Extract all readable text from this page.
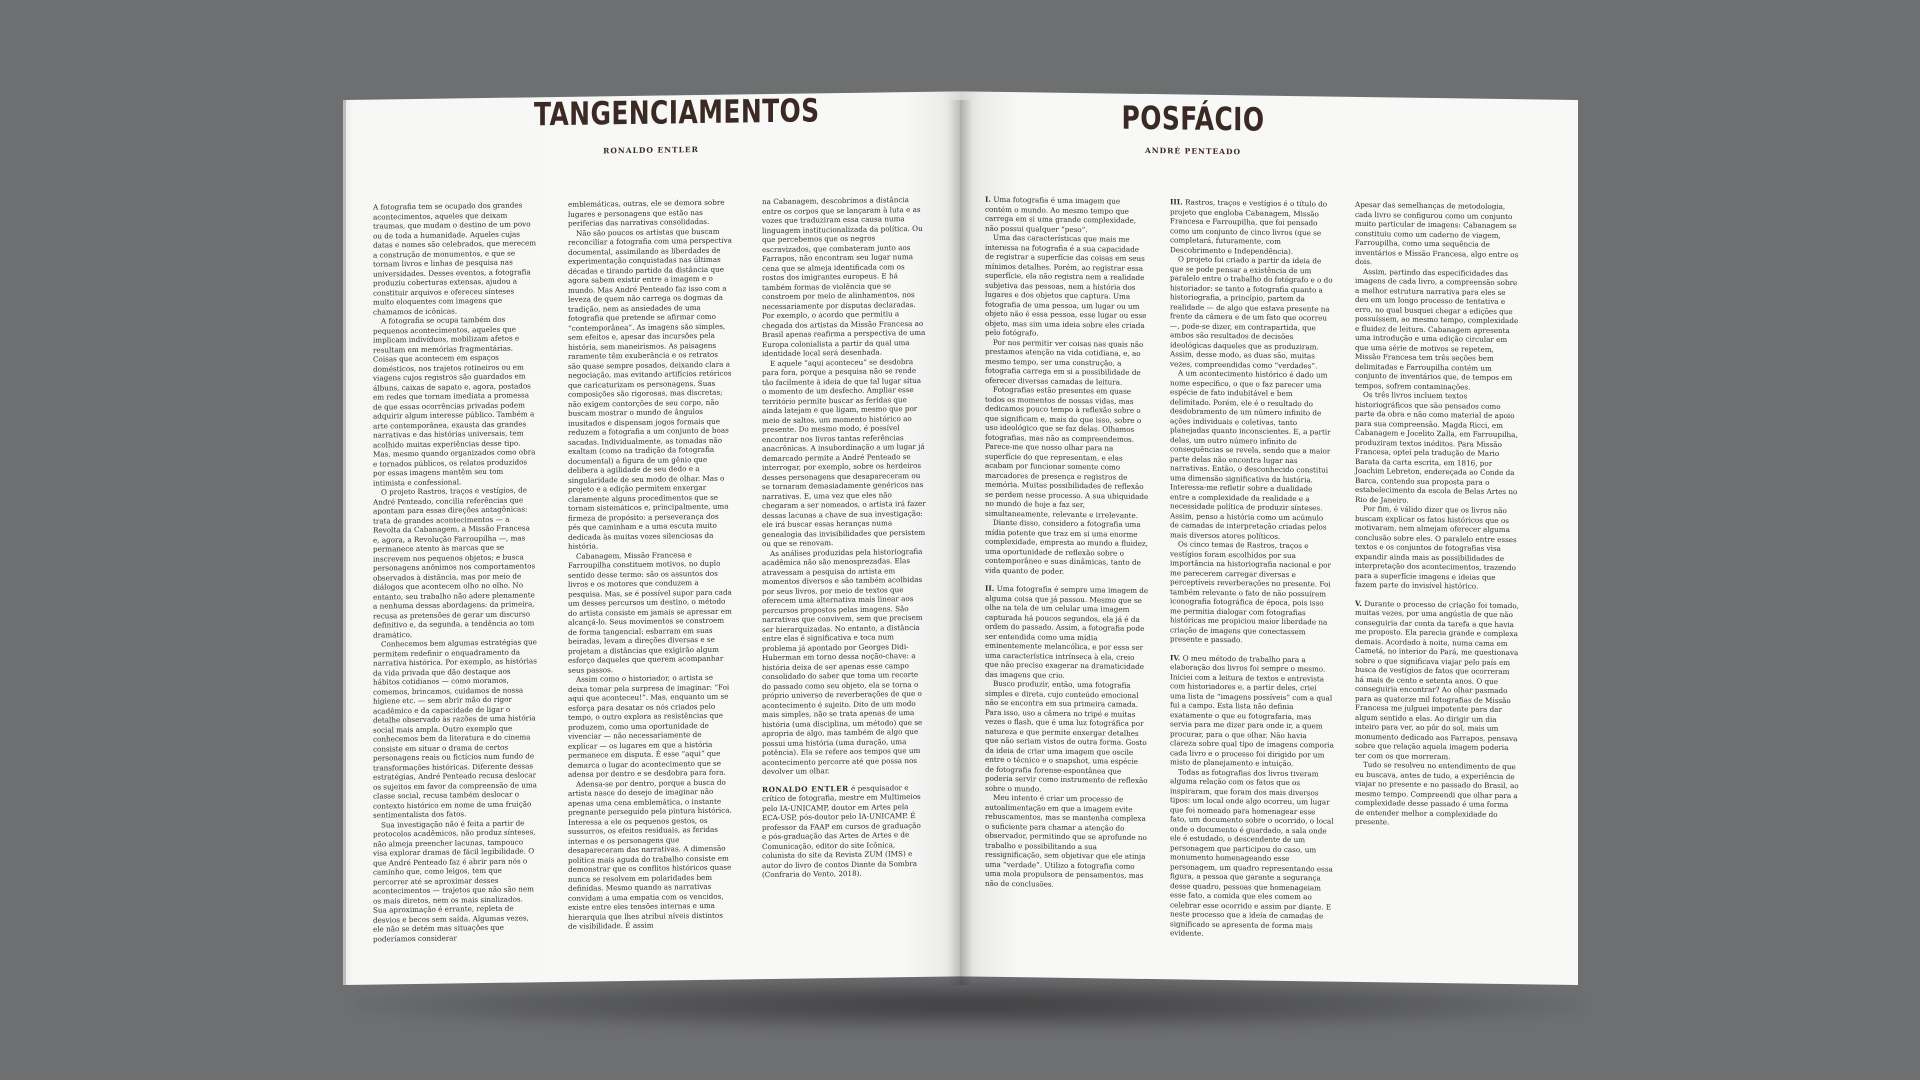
TANGENCIAMENTOS
RONALDO ENTLER

A fotografia tem se ocupado dos grandes acontecimentos, aqueles que deixam traumas, que mudam o destino de um povo ou de toda a humanidade. Aqueles cujas datas e nomes são celebrados, que merecem a construção de monumentos, e que se tornam livros e linhas de pesquisa nas universidades. Desses eventos, a fotografia produziu coberturas extensas, ajudou a constituir arquivos e ofereceu sínteses muito eloquentes com imagens que chamamos de icônicas.

A fotografia se ocupa também dos pequenos acontecimentos, aqueles que implicam indivíduos, mobilizam afetos e resultam em memórias fragmentárias. Coisas que acontecem em espaços domésticos, nos trajetos rotineiros ou em viagens cujos registros são guardados em álbuns, caixas de sapato e, agora, postados em redes que tornam imediata a promessa de que essas ocorrências privadas podem adquirir algum interesse público. Também a arte contemporânea, exausta das grandes narrativas e das histórias universais, tem acolhido muitas experiências desse tipo. Mas, mesmo quando organizados como obra e tornados públicos, os relatos produzidos por essas imagens mantêm seu tom intimista e confessional.

O projeto Rastros, traços e vestígios, de André Penteado, concilia referências que apontam para essas direções antagônicas: trata de grandes acontecimentos — a Revolta da Cabanagem, a Missão Francesa e, agora, a Revolução Farroupilha —, mas permanece atento às marcas que se inscrevem nos pequenos objetos; e busca personagens anônimos nos comportamentos observados à distância, mas por meio de diálogos que acontecem olho no olho. No entanto, seu trabalho não adere plenamente a nenhuma dessas abordagens: da primeira, recusa as pretensões de gerar um discurso definitivo e, da segunda, a tendência ao tom dramático.

Conhecemos bem algumas estratégias que permitem redefinir o enquadramento da narrativa histórica. Por exemplo, as histórias da vida privada que dão destaque aos hábitos cotidianos — como moramos, comemos, brincamos, cuidamos de nossa higiene etc. — sem abrir mão do rigor acadêmico e da capacidade de ligar o detalhe observado às razões de uma história social mais ampla. Outro exemplo que conhecemos bem da literatura e do cinema consiste em situar o drama de certos personagens reais ou fictícios num fundo de transformações históricas. Diferente dessas estratégias, André Penteado recusa deslocar os sujeitos em favor da compreensão de uma classe social, recusa também deslocar o contexto histórico em nome de uma fruição sentimentalista dos fatos.

Sua investigação não é feita a partir de protocolos acadêmicos, não produz sínteses, não almeja preencher lacunas, tampouco visa explorar dramas de fácil legibilidade. O que André Penteado faz é abrir para nós o caminho que, como leigos, tem que percorrer até se aproximar desses acontecimentos — trajetos que não são nem os mais diretos, nem os mais sinalizados. Sua aproximação é errante, repleta de desvios e becos sem saída. Algumas vezes, ele não se detém mas situações que poderíamos considerar

emblemáticas, outras, ele se demora sobre lugares e personagens que estão nas periferias das narrativas consolidadas.

Não são poucos os artistas que buscam reconciliar a fotografia com uma perspectiva documental, assimilando as liberdades de experimentação conquistadas nas últimas décadas e tirando partido da distância que agora sabem existir entre a imagem e o mundo. Mas André Penteado faz isso com a leveza de quem não carrega os dogmas da tradição, nem as ansiedades de uma fotografia que pretende se afirmar como “contemporânea”. As imagens são simples, sem efeitos e, apesar das incursões pela história, sem maneirismos. As paisagens raramente têm exuberância e os retratos são quase sempre posados, deixando clara a negociação, mas evitando artifícios retóricos que caricaturizam os personagens. Suas composições são rigorosas, mas discretas; não exigem contorções de seu corpo, não buscam mostrar o mundo de ângulos inusitados e dispensam jogos formais que reduzem a fotografia a um conjunto de boas sacadas. Individualmente, as tomadas não exaltam (como na tradição da fotografia documental) a figura de um gênio que delibera a agilidade de seu dedo e a singularidade de seu modo de olhar. Mas o projeto e a edição permitem enxergar claramente alguns procedimentos que se tornam sistemáticos e, principalmente, uma firmeza de propósito: a perseverança dos pés que caminham e a uma escuta muito dedicada às muitas vozes silenciosas da história.

Cabanagem, Missão Francesa e Farroupilha constituem motivos, no duplo sentido desse termo: são os assuntos dos livros e os motores que conduzem a pesquisa. Mas, se é possível supor para cada um desses percursos um destino, o método do artista consiste em jamais se apressar em alcançá-lo. Seus movimentos se constroem de forma tangencial: esbarram em suas beiradas, levam a direções diversas e se projetam a distâncias que exigirão algum esforço daqueles que querem acompanhar seus passos.

Assim como o historiador, o artista se deixa tomar pela surpresa de imaginar: “Foi aqui que aconteceu!”. Mas, enquanto um se esforça para desatar os nós criados pelo tempo, o outro explora as resistências que produzem, como uma oportunidade de vivenciar — não necessariamente de explicar — os lugares em que a história permanece em disputa. É esse “aqui” que demarca o lugar do acontecimento que se adensa por dentro e se desdobra para fora.

Adensa-se por dentro, porque a busca do artista nasce do desejo de imaginar não apenas uma cena emblemática, o instante pregnante perseguido pela pintura histórica. Interessa a ele os pequenos gestos, os sussurros, os efeitos residuais, as feridas internas e os personagens que desapareceram das narrativas. A dimensão política mais aguda do trabalho consiste em demonstrar que os conflitos históricos quase nunca se resolvem em polaridades bem definidas. Mesmo quando as narrativas convidam a uma empatia com os vencidos, existe entre eles tensões internas e uma hierarquia que lhes atribui níveis distintos de visibilidade. É assim

na Cabanagem, descobrimos a distância entre os corpos que se lançaram à luta e as vozes que traduziram essa causa numa linguagem institucionalizada da política. Ou que percebemos que os negros escravizados, que combateram junto aos Farrapos, não encontram seu lugar numa cena que se almeja identificada com os rostos dos imigrantes europeus. E há também formas de violência que se constroem por meio de alinhamentos, nos necessariamente por disputas declaradas. Por exemplo, o acordo que permitiu a chegada dos artistas da Missão Francesa ao Brasil apenas reafirma a perspectiva de uma Europa colonialista a partir da qual uma identidade local será desenhada.

E aquele “aqui aconteceu” se desdobra para fora, porque a pesquisa não se rende tão facilmente à ideia de que tal lugar situa o momento de um desfecho. Ampliar esse território permite buscar as feridas que ainda latejam e que ligam, mesmo que por meio de saltos, um momento histórico ao presente. Do mesmo modo, é possível encontrar nos livros tantas referências anacrônicas. A insubordinação a um lugar já demarcado permite a André Penteado se interrogar, por exemplo, sobre os herdeiros desses personagens que desapareceram ou se tornaram demasiadamente genéricos nas narrativas. E, uma vez que eles não chegaram a ser nomeados, o artista irá fazer dessas lacunas a chave de sua investigação: ele irá buscar essas heranças numa genealogia das invisibilidades que persistem ou que se renovam.

As análises produzidas pela historiografia acadêmica não são menosprezadas. Elas atravessam a pesquisa do artista em momentos diversos e são também acolhidas por seus livros, por meio de textos que oferecem uma alternativa mais linear aos percursos propostos pelas imagens. São narrativas que convivem, sem que precisem ser hierarquizadas. No entanto, a distância entre elas é significativa e toca num problema já apontado por Georges Didi-Huberman em torno dessa noção-chave: a história deixa de ser apenas esse campo consolidado do saber que toma um recorte do passado como seu objeto, ela se torna o próprio universo de reverberações de que o acontecimento é sujeito. Dito de um modo mais simples, não se trata apenas de uma história (uma disciplina, um método) que se apropria de algo, mas também de algo que possui uma história (uma duração, uma potência). Ela se refere aos tempos que um acontecimento percorre até que possa nos devolver um olhar.

RONALDO ENTLER é pesquisador e crítico de fotografia, mestre em Multimeios pelo IA-UNICAMP, doutor em Artes pela ECA-USP, pós-doutor pelo IA-UNICAMP. É professor da FAAP em cursos de graduação e pós-graduação das Artes de Artes e de Comunicação, editor do site Icônica, colunista do site da Revista ZUM (IMS) e autor do livro de contos Diante da Sombra (Confraria do Vento, 2018).

POSFÁCIO
ANDRÉ PENTEADO

I. Uma fotografia é uma imagem que contém o mundo. Ao mesmo tempo que carrega em si uma grande complexidade, não possui qualquer “peso”.

Uma das características que mais me interessa na fotografia é a sua capacidade de registrar a superfície das coisas em seus mínimos detalhes. Porém, ao registrar essa superfície, ela não registra nem a realidade subjetiva das pessoas, nem a história dos lugares e dos objetos que captura. Uma fotografia de uma pessoa, um lugar ou um objeto não é essa pessoa, esse lugar ou esse objeto, mas sim uma ideia sobre eles criada pelo fotógrafo.

Por nos permitir ver coisas nas quais não prestamos atenção na vida cotidiana, e, ao mesmo tempo, ser uma construção, a fotografia carrega em si a possibilidade de oferecer diversas camadas de leitura.

Fotografias estão presentes em quase todos os momentos de nossas vidas, mas dedicamos pouco tempo à reflexão sobre o que significam e, mais do que isso, sobre o uso ideológico que se faz delas. Olhamos fotografias, mas não as compreendemos. Parece-me que nosso olhar para na superfície do que representam, e elas acabam por funcionar somente como marcadores de presença e registros de memória. Muitas possibilidades de reflexão se perdem nesse processo. A sua ubiquidade no mundo de hoje a faz ser, simultaneamente, relevante e irrelevante.

Diante disso, considero a fotografia uma mídia potente que traz em si uma enorme complexidade, empresta ao mundo a fluidez, uma oportunidade de reflexão sobre o contemporâneo e suas dinâmicas, tanto de vida quanto de poder.

II. Uma fotografia é sempre uma imagem de alguma coisa que já passou. Mesmo que se olhe na tela de um celular uma imagem capturada há poucos segundos, ela já é da ordem do passado. Assim, a fotografia pode ser entendida como uma mídia eminentemente melancólica, e por essa ser uma característica intrínseca à ela, creio que não preciso exagerar na dramaticidade das imagens que crio.

Busco produzir, então, uma fotografia simples e direta, cujo conteúdo emocional não se encontra em sua primeira camada. Para isso, uso a câmera no tripé e muitas vezes o flash, que é uma luz fotográfica por natureza e que permite enxergar detalhes que não seriam vistos de outra forma. Gosto da ideia de criar uma imagem que oscile entre o técnico e o snapshot, uma espécie de fotografia forense-espontânea que poderia servir como instrumento de reflexão sobre o mundo.

Meu intento é criar um processo de autoalimentação em que a imagem evite rebuscamentos, mas se mantenha complexa o suficiente para chamar a atenção do observador, permitindo que se aprofunde no trabalho e possibilitando a sua ressignificação, sem objetivar que ele atinja uma “verdade”. Utilizo a fotografia como uma mola propulsora de pensamentos, mas não de conclusões.

III. Rastros, traços e vestígios é o título do projeto que engloba Cabanagem, Missão Francesa e Farroupilha, que foi pensado como um conjunto de cinco livros (que se completará, futuramente, com Descobrimento e Independência).

O projeto foi criado a partir da ideia de que se pode pensar a existência de um paralelo entre o trabalho do fotógrafo e o do historiador: se tanto a fotografia quanto a historiografia, a princípio, partem da realidade — de algo que estava presente na frente da câmera e de um fato que ocorreu —, pode-se dizer, em contrapartida, que ambos são resultados de decisões ideológicas daqueles que as produziram. Assim, desse modo, as duas são, muitas vezes, compreendidas como “verdades”.

A um acontecimento histórico é dado um nome específico, o que o faz parecer uma espécie de fato indubitável e bem delimitado. Porém, ele é o resultado do desdobramento de um número infinito de ações individuais e coletivas, tanto planejadas quanto inconscientes. E, a partir delas, um outro número infinito de consequências se revela, sendo que a maior parte delas não encontra lugar nas narrativas. Então, o desconhecido constitui uma dimensão significativa da história. Interessa-me refletir sobre a dualidade entre a complexidade da realidade e a necessidade política de produzir sínteses. Assim, penso a história como um acúmulo de camadas de interpretação criadas pelos mais diversos atores políticos.

Os cinco temas de Rastros, traços e vestígios foram escolhidos por sua importância na historiografia nacional e por me parecerem carregar diversas e perceptíveis reverberações no presente. Foi também relevante o fato de não possuírem iconografia fotográfica de época, pois isso me permitia dialogar com fotografias históricas me propiciou maior liberdade na criação de imagens que conectassem presente e passado.

IV. O meu método de trabalho para a elaboração dos livros foi sempre o mesmo. Iniciei com a leitura de textos e entrevista com historiadores e, a partir deles, criei uma lista de “imagens possíveis” com a qual fui a campo. Esta lista não definia exatamente o que eu fotografaria, mas servia para me dizer para onde ir, a quem procurar, para o que olhar. Não havia clareza sobre qual tipo de imagens comporia cada livro e o processo foi dirigido por um misto de planejamento e intuição.

Todas as fotografias dos livros tiveram alguma relação com os fatos que os inspiraram, que foram dos mais diversos tipos: um local onde algo ocorreu, um lugar que foi nomeado para homenagear esse fato, um documento sobre o ocorrido, o local onde o documento é guardado, a sala onde ele é estudado, o descendente de um personagem que participou do caso, um monumento homenageando esse personagem, um quadro representando essa figura, a pessoa que garante a segurança desse quadro, pessoas que homenageiam esse fato, a comida que eles comem ao celebrar esse ocorrido e assim por diante. E neste processo que a ideia de camadas de significado se apresenta de forma mais evidente.

Apesar das semelhanças de metodologia, cada livro se configurou como um conjunto muito particular de imagens: Cabanagem se constituiu como um caderno de viagem, Farroupilha, como uma sequência de inventários e Missão Francesa, algo entre os dois.

Assim, partindo das especificidades das imagens de cada livro, a compreensão sobre a melhor estrutura narrativa para eles se deu em um longo processo de tentativa e erro, no qual busquei chegar a edições que possuíssem, ao mesmo tempo, complexidade e fluidez de leitura. Cabanagem apresenta uma introdução e uma edição circular em que uma série de motivos se repetem, Missão Francesa tem três seções bem delimitadas e Farroupilha contém um conjunto de inventários que, de tempos em tempos, sofrem contaminações.

Os três livros incluem textos historiográficos que são pensados como parte da obra e não como material de apoio para sua compreensão. Magda Ricci, em Cabanagem e Jocelito Zalla, em Farroupilha, produziram textos inéditos. Para Missão Francesa, optei pela tradução de Mario Barata da carta escrita, em 1816, por Joachim Lebreton, endereçada ao Conde da Barca, contendo sua proposta para o estabelecimento da escola de Belas Artes no Rio de Janeiro.

Por fim, é válido dizer que os livros não buscam explicar os fatos históricos que os motivaram, nem almejam oferecer alguma conclusão sobre eles. O paralelo entre esses textos e os conjuntos de fotografias visa expandir ainda mais as possibilidades de interpretação dos acontecimentos, trazendo para a superfície imagens e ideias que fazem parte do invisível histórico.

V. Durante o processo de criação foi tomado, muitas vezes, por uma angústia de que não conseguiria dar conta da tarefa a que havia me proposto. Ela parecia grande e complexa demais. Acordado à noite, numa cama em Cametá, no interior do Pará, me questionava sobre o que significava viajar pelo país em busca de vestígios de fatos que ocorreram há mais de cento e setenta anos. O que conseguiria encontrar? Ao olhar pasmado para as quatorze mil fotografias de Missão Francesa me julguei impotente para dar algum sentido a elas. Ao dirigir um dia inteiro para ver, ao pôr do sol, mais um monumento dedicado aos Farrapos, pensava sobre que relação aquela imagem poderia ter com os que morreram.

Tudo se resolveu no entendimento de que eu buscava, antes de tudo, a experiência de viajar no presente e no passado do Brasil, ao mesmo tempo. Compreendi que olhar para a complexidade desse passado é uma forma de entender melhor a complexidade do presente.
